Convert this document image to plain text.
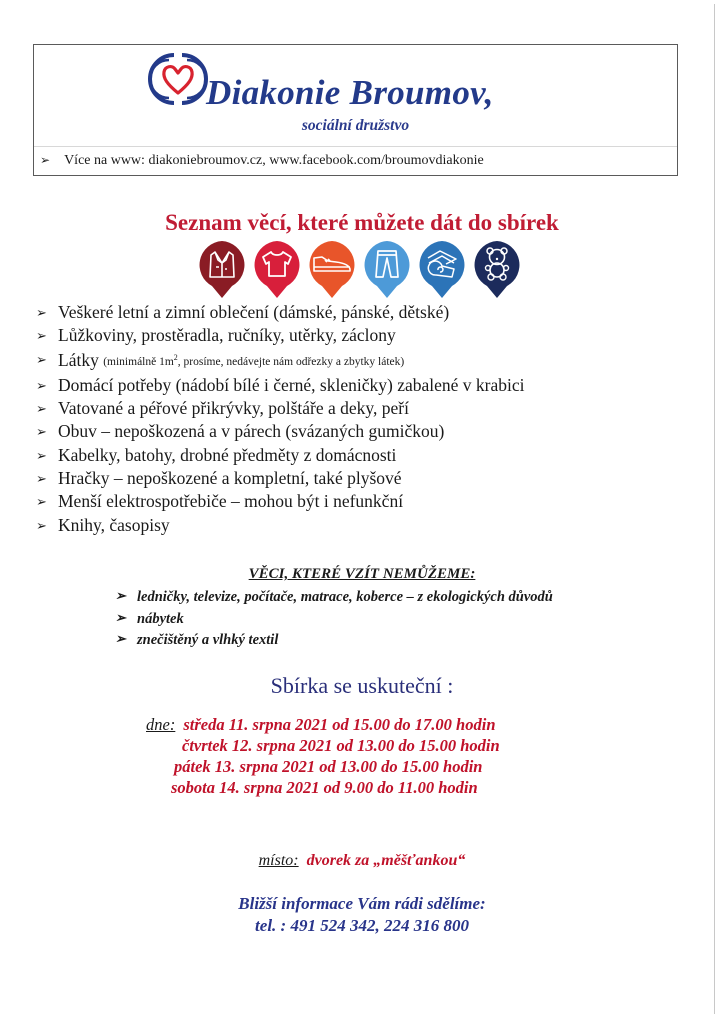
Diakonie Broumov,
sociální družstvo
➢ Více na www: diakoniebroumov.cz, www.facebook.com/broumovdiakonie
Seznam věcí, které můžete dát do sbírek
➢ Veškeré letní a zimní oblečení (dámské, pánské, dětské)
➢ Lůžkoviny, prostěradla, ručníky, utěrky, záclony
➢ Látky (minimálně $1m^2$, prosíme, nedávejte nám odřezky a zbytky látek)
➢ Domácí potřeby (nádobí bílé i černé, skleničky) zabalené v krabici
➢ Vatované a péřové přikrývky, polštáře a deky, peří
➢ Obuv – nepoškozená a v párech (svázaných gumičkou)
➢ Kabelky, batohy, drobné předměty z domácnosti
➢ Hračky – nepoškozené a kompletní, také plyšové
➢ Menší elektrospotřebiče – mohou být i nefunkční
➢ Knihy, časopisy
VĚCI, KTERÉ VZÍT NEMŮŽEME:
➢ ledničky, televize, počítače, matrace, koberce – z ekologických důvodů
➢ nábytek
➢ znečištěný a vlhký textil
Sbírka se uskuteční :
dne: středa 11. srpna 2021 od 15.00 do 17.00 hodin
čtvrtek 12. srpna 2021 od 13.00 do 15.00 hodin
pátek 13. srpna 2021 od 13.00 do 15.00 hodin
sobota 14. srpna 2021 od 9.00 do 11.00 hodin
místo: dvorek za „měšťankou“
Bližší informace Vám rádi sdělíme:
tel. : 491 524 342, 224 316 800
